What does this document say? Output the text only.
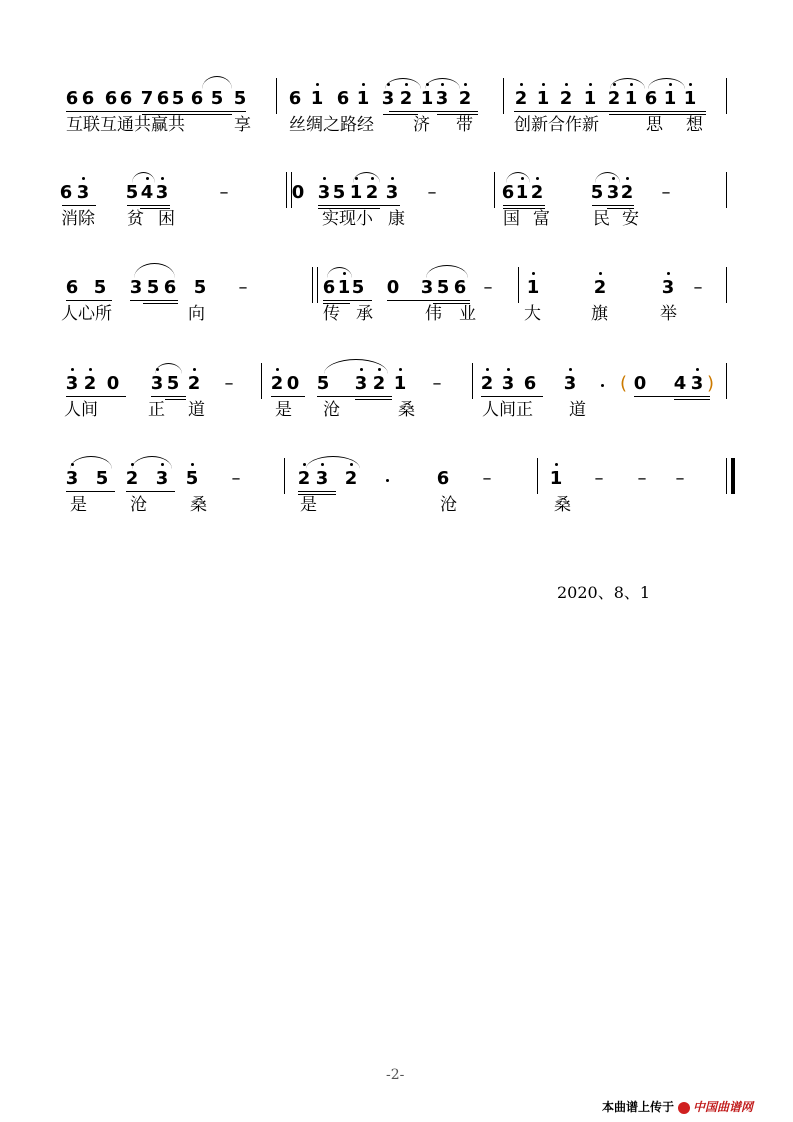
6 6 6 6 7 6 5 6 5 5 6 1 6 1 3 2 1 3 2 2 1 2 1 2 1 6 1 1
互联互通共赢共	享 丝绸之路经 济 带 创新合作新	思 想
6 3 5 4 3	0 3 5 1 2 3	6 1 2	5 3 2
–	–	–
消除 贫 困	实现小 康	国 富	民 安
6 5 3 5 6 5	6 1 5 0 3 5 6	1	2	3
–	–	–
人心所	向	传 承	伟 业	大	旗	举
3 2 0 3 5 2	2 0 5 3 2 1	2 3 6 3	0 4 3
–	–	(	)
人间	正 道	是 沧	桑	人间正 道
3 5 2 3 5	2 3 2	6	1
–	–	– – –
是	沧	桑	是	沧	桑
2020、8、1
-2-
本曲谱上传于 中国曲谱网
